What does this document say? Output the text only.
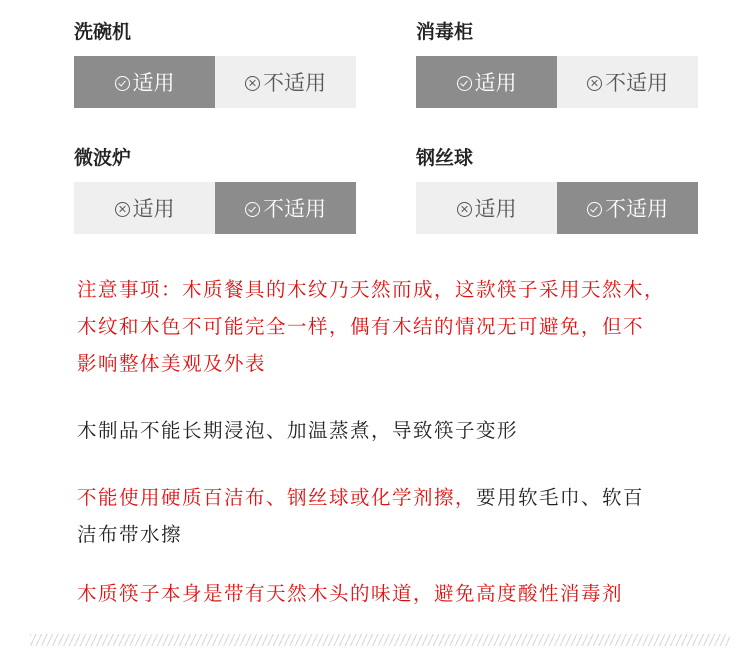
洗碗机
适用	不适用
消毒柜
适用	不适用
微波炉
适用	不适用
钢丝球
适用	不适用
注意事项：木质餐具的木纹乃天然而成，这款筷子采用天然木，
木纹和木色不可能完全一样，偶有木结的情况无可避免，但不
影响整体美观及外表
木制品不能长期浸泡、加温蒸煮，导致筷子变形
不能使用硬质百洁布、钢丝球或化学剂擦，要用软毛巾、软百
洁布带水擦
木质筷子本身是带有天然木头的味道，避免高度酸性消毒剂
